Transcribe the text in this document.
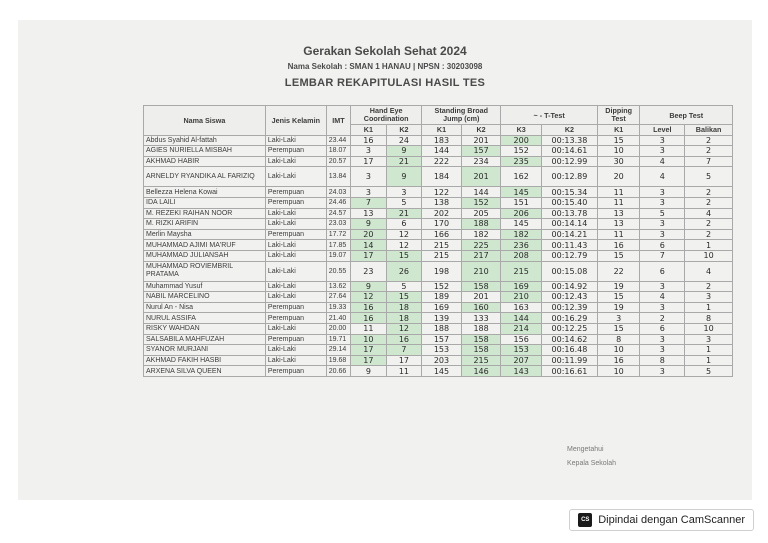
Gerakan Sekolah Sehat 2024
Nama Sekolah : SMAN 1 HANAU | NPSN : 30203098
LEMBAR REKAPITULASI HASIL TES
Nama Siswa	Jenis Kelamin	IMT	Hand Eye Coordination		Standing Broad Jump (cm)		~ - T-Test		Dipping Test	Beep Test	
			K1	K2	K1	K2	K3	K2	K1	Level	Balikan
Abdus Syahid Al-fattah	Laki-Laki	23.44	16	24	183	201	200	00:13.38	15	3	2
AGIES NURIELLA MISBAH	Perempuan	18.07	3	9	144	157	152	00:14.61	10	3	2
AKHMAD HABIR	Laki-Laki	20.57	17	21	222	234	235	00:12.99	30	4	7
ARNELDY RYANDIKA AL FARIZIQ	Laki-Laki	13.84	3	9	184	201	162	00:12.89	20	4	5
Bellezza Helena Kowai	Perempuan	24.03	3	3	122	144	145	00:15.34	11	3	2
IDA LAILI	Perempuan	24.46	7	5	138	152	151	00:15.40	11	3	2
M. REZEKI RAIHAN NOOR	Laki-Laki	24.57	13	21	202	205	206	00:13.78	13	5	4
M. RIZKI ARIFIN	Laki-Laki	23.03	9	6	170	188	145	00:14.14	13	3	2
Merlin Maysha	Perempuan	17.72	20	12	166	182	182	00:14.21	11	3	2
MUHAMMAD AJIMI MA'RUF	Laki-Laki	17.85	14	12	215	225	236	00:11.43	16	6	1
MUHAMMAD JULIANSAH	Laki-Laki	19.07	17	15	215	217	208	00:12.79	15	7	10
MUHAMMAD ROVIEMBRIL PRATAMA	Laki-Laki	20.55	23	26	198	210	215	00:15.08	22	6	4
Muhammad Yusuf	Laki-Laki	13.62	9	5	152	158	169	00:14.92	19	3	2
NABIL MARCELINO	Laki-Laki	27.64	12	15	189	201	210	00:12.43	15	4	3
Nurul An - Nisa	Perempuan	19.33	16	18	169	160	163	00:12.39	19	3	1
NURUL ASSIFA	Perempuan	21.40	16	18	139	133	144	00:16.29	3	2	8
RISKY WAHDAN	Laki-Laki	20.00	11	12	188	188	214	00:12.25	15	6	10
SALSABILA MAHFUZAH	Perempuan	19.71	10	16	157	158	156	00:14.62	8	3	3
SYANOR MURJANI	Laki-Laki	29.14	17	7	153	158	153	00:16.48	10	3	1
AKHMAD FAKIH HASBI	Laki-Laki	19.68	17	17	203	215	207	00:11.99	16	8	1
ARXENA SILVA QUEEN	Perempuan	20.66	9	11	145	146	143	00:16.61	10	3	5
Mengetahui
Kepala Sekolah
CS Dipindai dengan CamScanner
